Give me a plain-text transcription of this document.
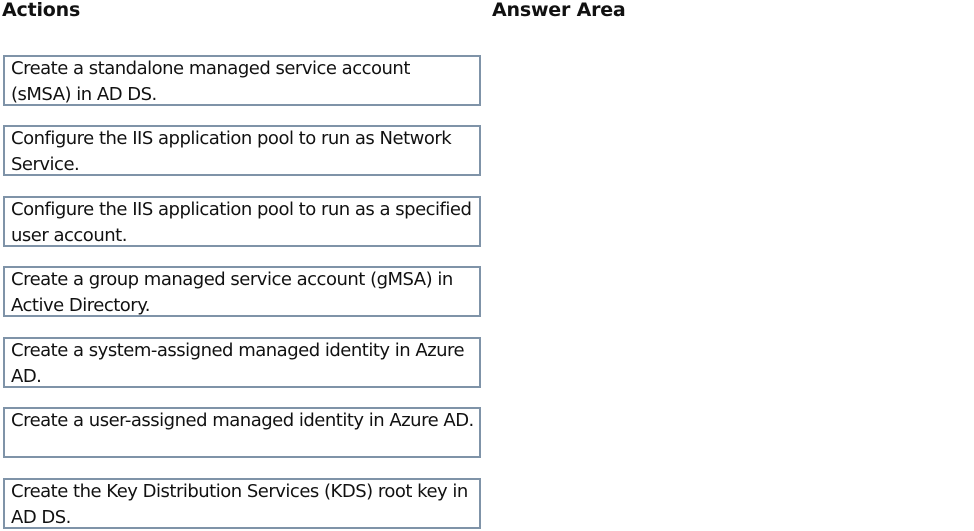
Actions	Answer Area
Create a standalone managed service account (sMSA) in AD DS.
Configure the IIS application pool to run as Network Service.
Configure the IIS application pool to run as a specified user account.
Create a group managed service account (gMSA) in Active Directory.
Create a system-assigned managed identity in Azure AD.
Create a user-assigned managed identity in Azure AD.
Create the Key Distribution Services (KDS) root key in AD DS.
